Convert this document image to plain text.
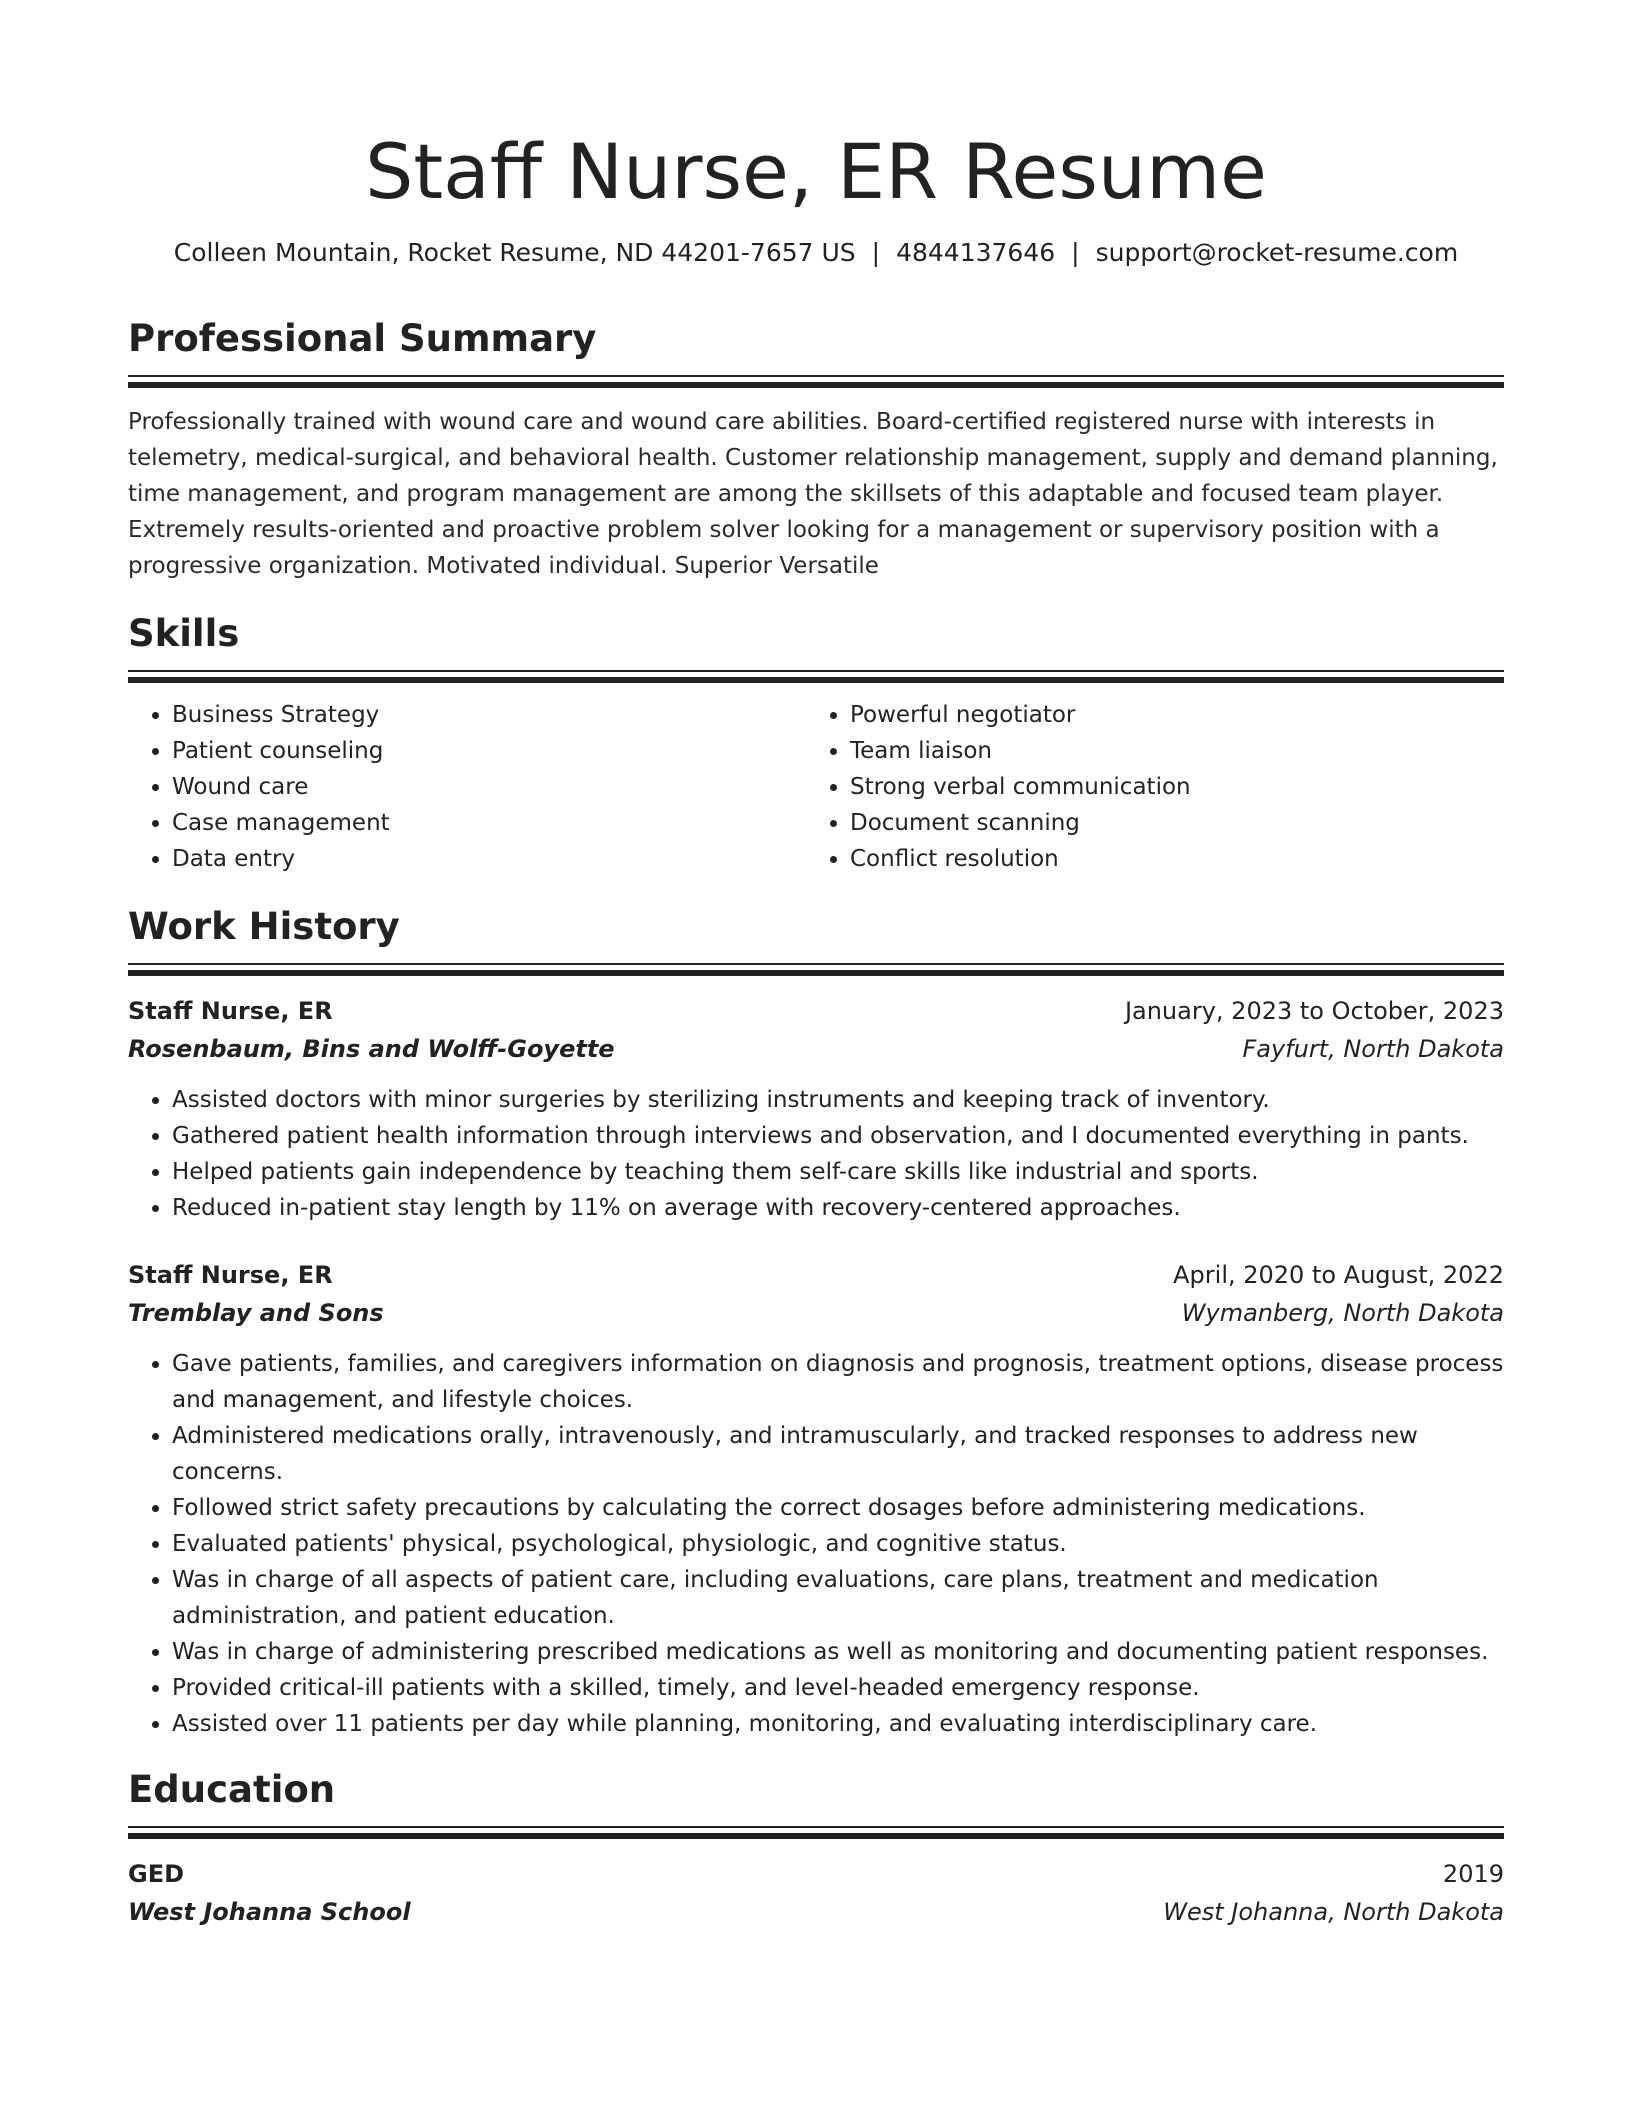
Staff Nurse, ER Resume
Colleen Mountain, Rocket Resume, ND 44201-7657 US | 4844137646 | support@rocket-resume.com
Professional Summary

Professionally trained with wound care and wound care abilities. Board-certified registered nurse with interests in telemetry, medical-surgical, and behavioral health. Customer relationship management, supply and demand planning, time management, and program management are among the skillsets of this adaptable and focused team player. Extremely results-oriented and proactive problem solver looking for a management or supervisory position with a progressive organization. Motivated individual. Superior Versatile

Skills
• Business Strategy
• Patient counseling
• Wound care
• Case management
• Data entry
• Powerful negotiator
• Team liaison
• Strong verbal communication
• Document scanning
• Conflict resolution
Work History
Staff Nurse, ER	January, 2023 to October, 2023
Rosenbaum, Bins and Wolff-Goyette	Fayfurt, North Dakota
• Assisted doctors with minor surgeries by sterilizing instruments and keeping track of inventory.
• Gathered patient health information through interviews and observation, and I documented everything in pants.
• Helped patients gain independence by teaching them self-care skills like industrial and sports.
• Reduced in-patient stay length by 11% on average with recovery-centered approaches.
Staff Nurse, ER	April, 2020 to August, 2022
Tremblay and Sons	Wymanberg, North Dakota
• Gave patients, families, and caregivers information on diagnosis and prognosis, treatment options, disease process and management, and lifestyle choices.
• Administered medications orally, intravenously, and intramuscularly, and tracked responses to address new concerns.
• Followed strict safety precautions by calculating the correct dosages before administering medications.
• Evaluated patients' physical, psychological, physiologic, and cognitive status.
• Was in charge of all aspects of patient care, including evaluations, care plans, treatment and medication administration, and patient education.
• Was in charge of administering prescribed medications as well as monitoring and documenting patient responses.
• Provided critical-ill patients with a skilled, timely, and level-headed emergency response.
• Assisted over 11 patients per day while planning, monitoring, and evaluating interdisciplinary care.
Education
GED	2019
West Johanna School	West Johanna, North Dakota
